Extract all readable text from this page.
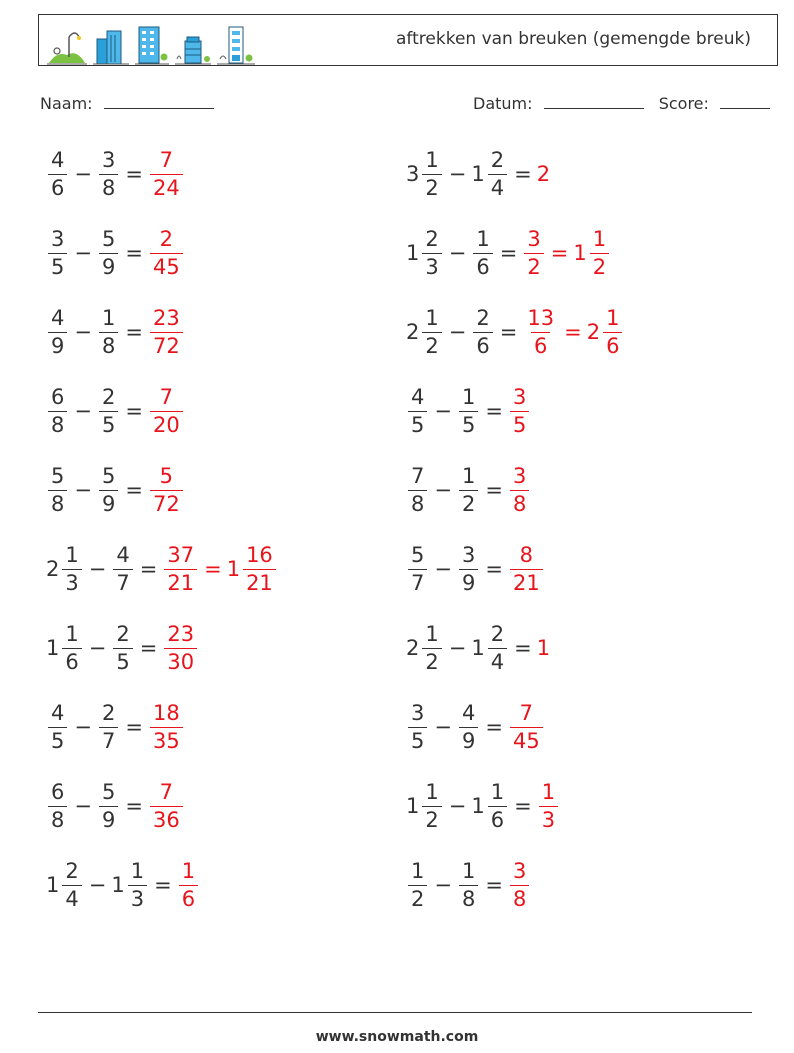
aftrekken van breuken (gemengde breuk)
Naam:	Datum:	Score:
$\frac{4}{6} - \frac{3}{8} = \frac{7}{24}$	$3 \frac{1}{2} - 1 \frac{2}{4} = 2$
$\frac{3}{5} - \frac{5}{9} = \frac{2}{45}$	$1 \frac{2}{3} - \frac{1}{6} = \frac{3}{2} = 1 \frac{1}{2}$
$\frac{4}{9} - \frac{1}{8} = \frac{23}{72}$	$2 \frac{1}{2} - \frac{2}{6} = \frac{13}{6} = 2 \frac{1}{6}$
$\frac{6}{8} - \frac{2}{5} = \frac{7}{20}$	$\frac{4}{5} - \frac{1}{5} = \frac{3}{5}$
$\frac{5}{8} - \frac{5}{9} = \frac{5}{72}$	$\frac{7}{8} - \frac{1}{2} = \frac{3}{8}$
$2 \frac{1}{3} - \frac{4}{7} = \frac{37}{21} = 1 \frac{16}{21}$	$\frac{5}{7} - \frac{3}{9} = \frac{8}{21}$
$1 \frac{1}{6} - \frac{2}{5} = \frac{23}{30}$	$2 \frac{1}{2} - 1 \frac{2}{4} = 1$
$\frac{4}{5} - \frac{2}{7} = \frac{18}{35}$	$\frac{3}{5} - \frac{4}{9} = \frac{7}{45}$
$\frac{6}{8} - \frac{5}{9} = \frac{7}{36}$	$1 \frac{1}{2} - 1 \frac{1}{6} = \frac{1}{3}$
$1 \frac{2}{4} - 1 \frac{1}{3} = \frac{1}{6}$	$\frac{1}{2} - \frac{1}{8} = \frac{3}{8}$
www.snowmath.com
